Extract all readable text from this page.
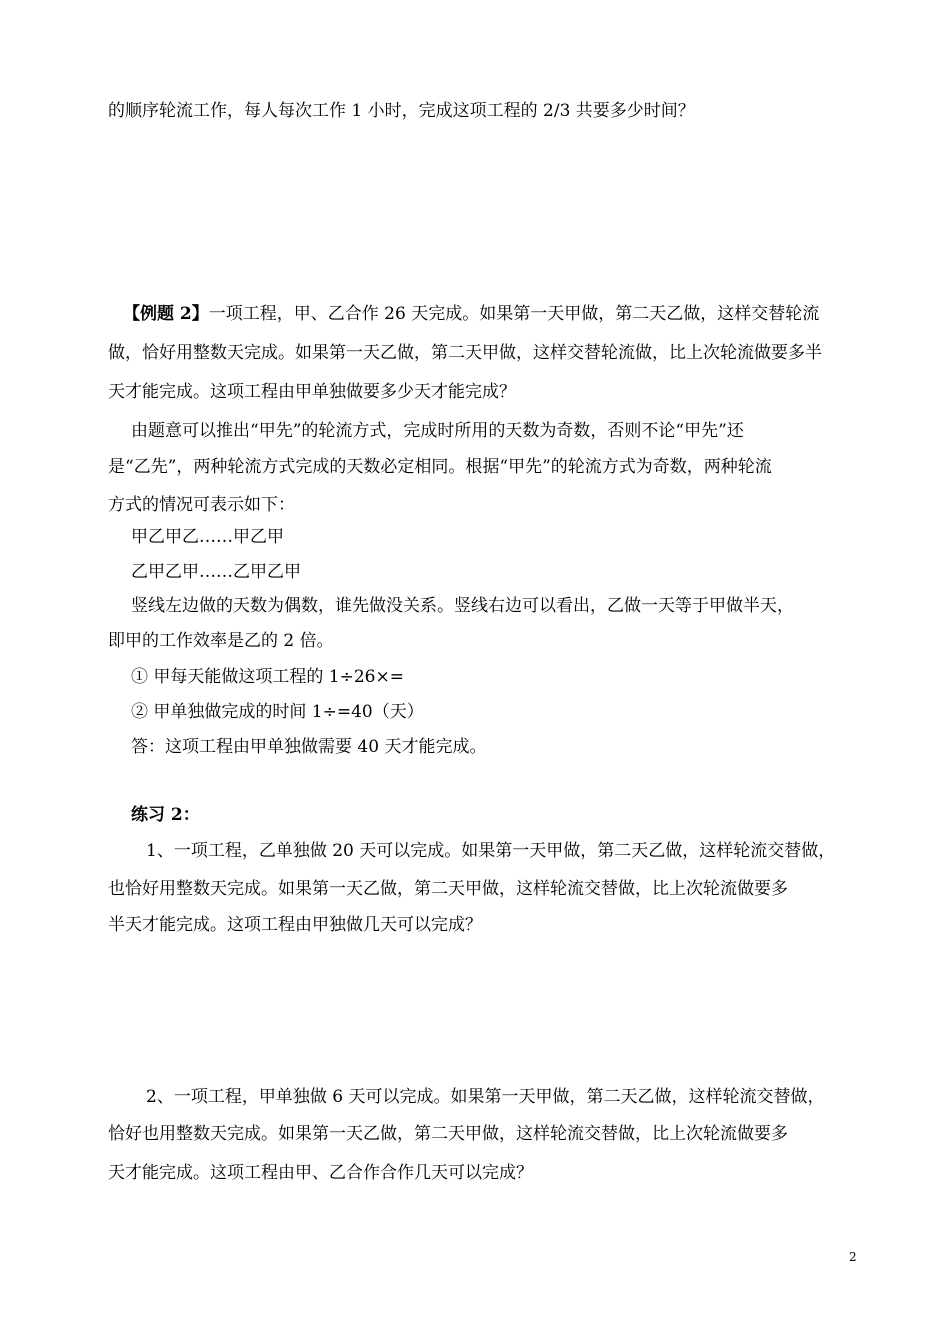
的顺序轮流工作，每人每次工作 1 小时，完成这项工程的 2/3 共要多少时间？
【例题 2】一项工程，甲、乙合作 26 天完成。如果第一天甲做，第二天乙做，这样交替轮流
做，恰好用整数天完成。如果第一天乙做，第二天甲做，这样交替轮流做，比上次轮流做要多半
天才能完成。这项工程由甲单独做要多少天才能完成？
由题意可以推出“甲先”的轮流方式，完成时所用的天数为奇数，否则不论“甲先”还
是“乙先”，两种轮流方式完成的天数必定相同。根据“甲先”的轮流方式为奇数，两种轮流
方式的情况可表示如下：
甲乙甲乙……甲乙甲
乙甲乙甲……乙甲乙甲
竖线左边做的天数为偶数，谁先做没关系。竖线右边可以看出，乙做一天等于甲做半天，
即甲的工作效率是乙的 2 倍。
① 甲每天能做这项工程的 1÷26×=
② 甲单独做完成的时间 1÷=40（天）
答：这项工程由甲单独做需要 40 天才能完成。
练习 2：
1、一项工程，乙单独做 20 天可以完成。如果第一天甲做，第二天乙做，这样轮流交替做，
也恰好用整数天完成。如果第一天乙做，第二天甲做，这样轮流交替做，比上次轮流做要多
半天才能完成。这项工程由甲独做几天可以完成？
2、一项工程，甲单独做 6 天可以完成。如果第一天甲做，第二天乙做，这样轮流交替做，
恰好也用整数天完成。如果第一天乙做，第二天甲做，这样轮流交替做，比上次轮流做要多
天才能完成。这项工程由甲、乙合作合作几天可以完成？
2
